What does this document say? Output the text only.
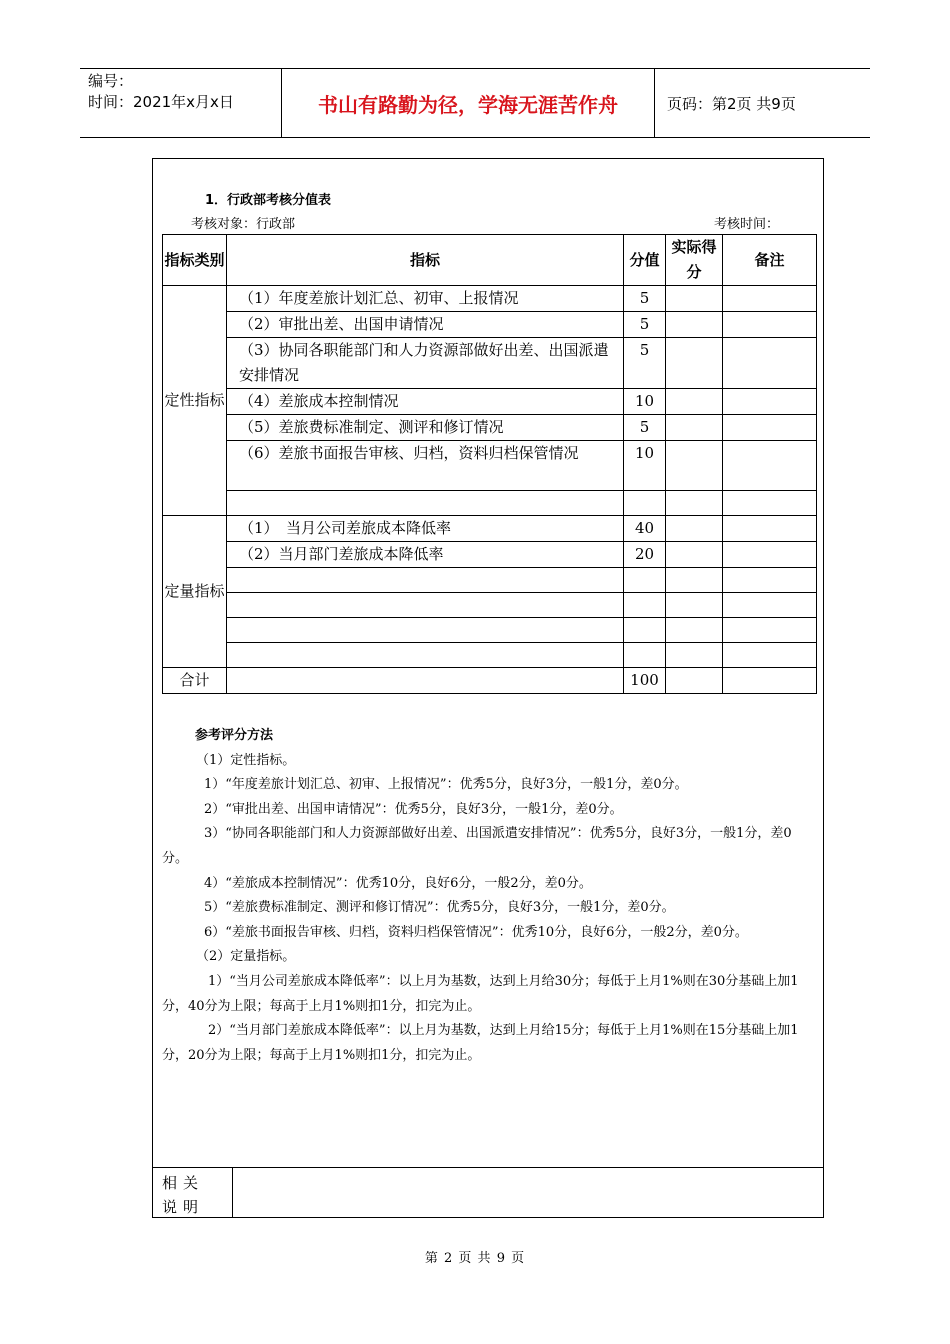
编号：
时间：2021年x月x日	书山有路勤为径，学海无涯苦作舟	页码：第2页 共9页
1．行政部考核分值表
考核对象：行政部	考核时间：
指标类别	指标	分值	实际得分	备注
定性指标	（1）年度差旅计划汇总、初审、上报情况	5		
	（2）审批出差、出国申请情况	5		
	（3）协同各职能部门和人力资源部做好出差、出国派遣安排情况	5		
	（4）差旅成本控制情况	10		
	（5）差旅费标准制定、测评和修订情况	5		
	（6）差旅书面报告审核、归档，资料归档保管情况	10		

定量指标	（1）　当月公司差旅成本降低率	40		
	（2）当月部门差旅成本降低率	20		

合计		100		

参考评分方法

（1）定性指标。

1）“年度差旅计划汇总、初审、上报情况”：优秀5分，良好3分，一般1分，差0分。

2）“审批出差、出国申请情况”：优秀5分，良好3分，一般1分，差0分。

3）“协同各职能部门和人力资源部做好出差、出国派遣安排情况”：优秀5分，良好3分，一般1分，差0分。

4）“差旅成本控制情况”：优秀10分，良好6分，一般2分，差0分。

5）“差旅费标准制定、测评和修订情况”：优秀5分，良好3分，一般1分，差0分。

6）“差旅书面报告审核、归档，资料归档保管情况”：优秀10分，良好6分，一般2分，差0分。

（2）定量指标。

1）“当月公司差旅成本降低率”：以上月为基数，达到上月给30分；每低于上月1%则在30分基础上加1分，40分为上限；每高于上月1%则扣1分，扣完为止。

2）“当月部门差旅成本降低率”：以上月为基数，达到上月给15分；每低于上月1%则在15分基础上加1分，20分为上限；每高于上月1%则扣1分，扣完为止。

相关说明
第 2 页 共 9 页
